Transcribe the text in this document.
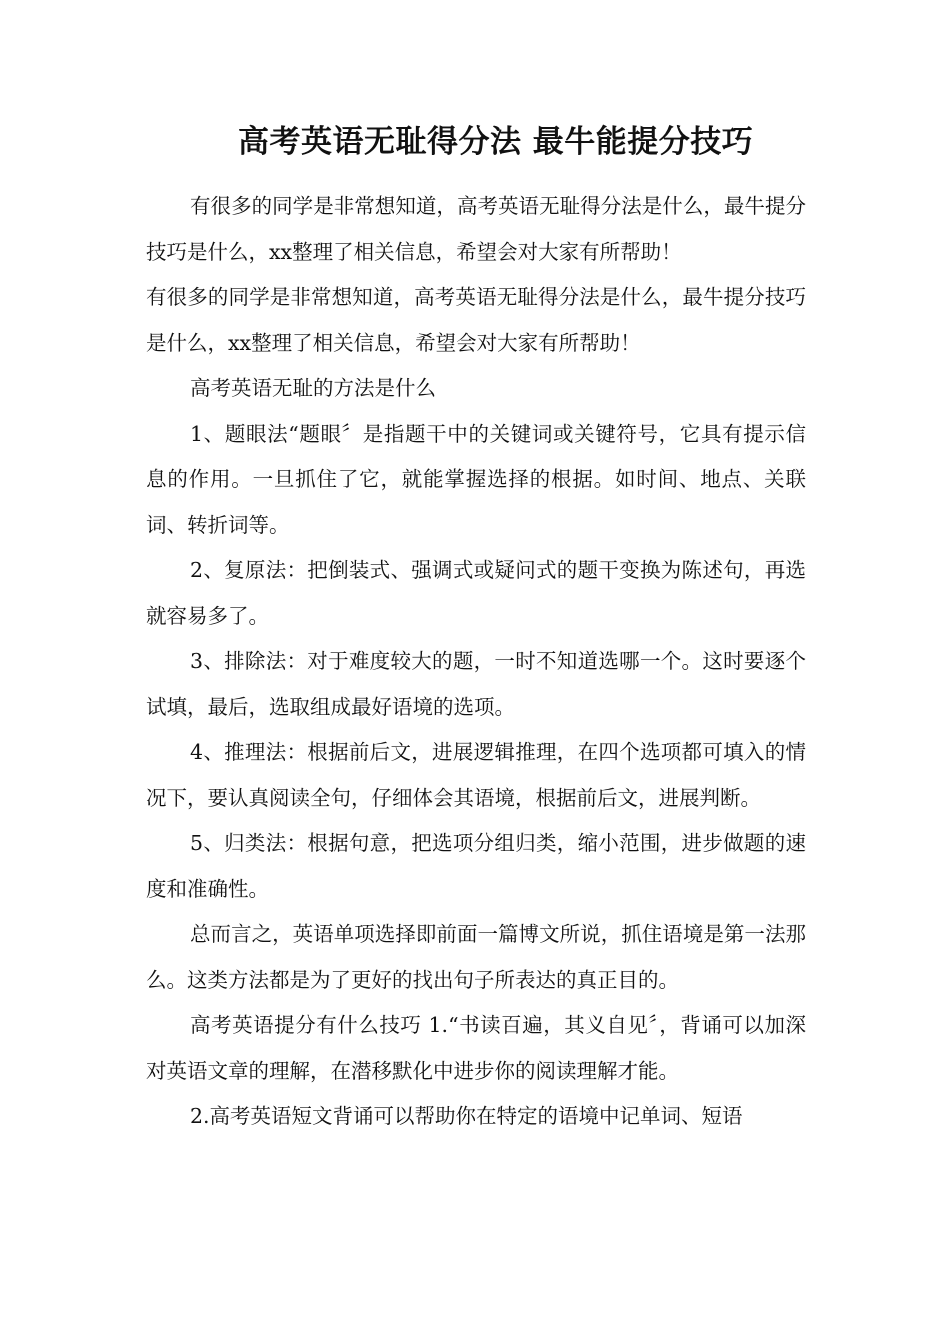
高考英语无耻得分法 最牛能提分技巧

有很多的同学是非常想知道，高考英语无耻得分法是什么，最牛提分技巧是什么，xx整理了相关信息，希望会对大家有所帮助！

有很多的同学是非常想知道，高考英语无耻得分法是什么，最牛提分技巧是什么，xx整理了相关信息，希望会对大家有所帮助！

高考英语无耻的方法是什么

1、题眼法“题眼〞是指题干中的关键词或关键符号，它具有提示信息的作用。一旦抓住了它，就能掌握选择的根据。如时间、地点、关联词、转折词等。

2、复原法：把倒装式、强调式或疑问式的题干变换为陈述句，再选就容易多了。

3、排除法：对于难度较大的题，一时不知道选哪一个。这时要逐个试填，最后，选取组成最好语境的选项。

4、推理法：根据前后文，进展逻辑推理，在四个选项都可填入的情况下，要认真阅读全句，仔细体会其语境，根据前后文，进展判断。

5、归类法：根据句意，把选项分组归类，缩小范围，进步做题的速度和准确性。

总而言之，英语单项选择即前面一篇博文所说，抓住语境是第一法那么。这类方法都是为了更好的找出句子所表达的真正目的。

高考英语提分有什么技巧 1.“书读百遍，其义自见〞，背诵可以加深对英语文章的理解，在潜移默化中进步你的阅读理解才能。

2.高考英语短文背诵可以帮助你在特定的语境中记单词、短语
